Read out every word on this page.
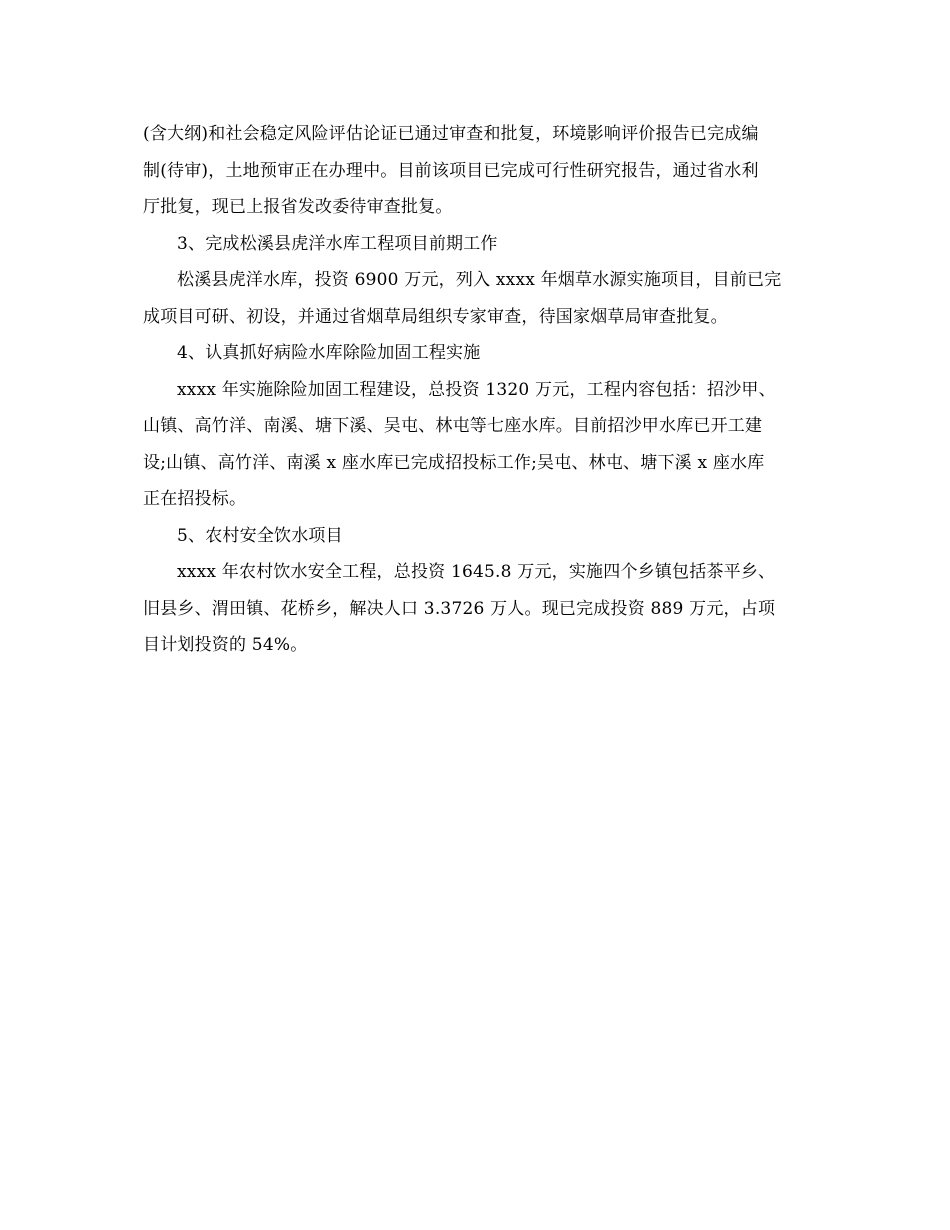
(含大纲)和社会稳定风险评估论证已通过审查和批复，环境影响评价报告已完成编

制(待审)，土地预审正在办理中。目前该项目已完成可行性研究报告，通过省水利

厅批复，现已上报省发改委待审查批复。

3、完成松溪县虎洋水库工程项目前期工作

松溪县虎洋水库，投资 6900 万元，列入 xxxx 年烟草水源实施项目，目前已完

成项目可研、初设，并通过省烟草局组织专家审查，待国家烟草局审查批复。

4、认真抓好病险水库除险加固工程实施

xxxx 年实施除险加固工程建设，总投资 1320 万元，工程内容包括：招沙甲、

山镇、高竹洋、南溪、塘下溪、吴屯、林屯等七座水库。目前招沙甲水库已开工建

设;山镇、高竹洋、南溪 x 座水库已完成招投标工作;吴屯、林屯、塘下溪 x 座水库

正在招投标。

5、农村安全饮水项目

xxxx 年农村饮水安全工程，总投资 1645.8 万元，实施四个乡镇包括茶平乡、

旧县乡、渭田镇、花桥乡，解决人口 3.3726 万人。现已完成投资 889 万元，占项

目计划投资的 54%。
